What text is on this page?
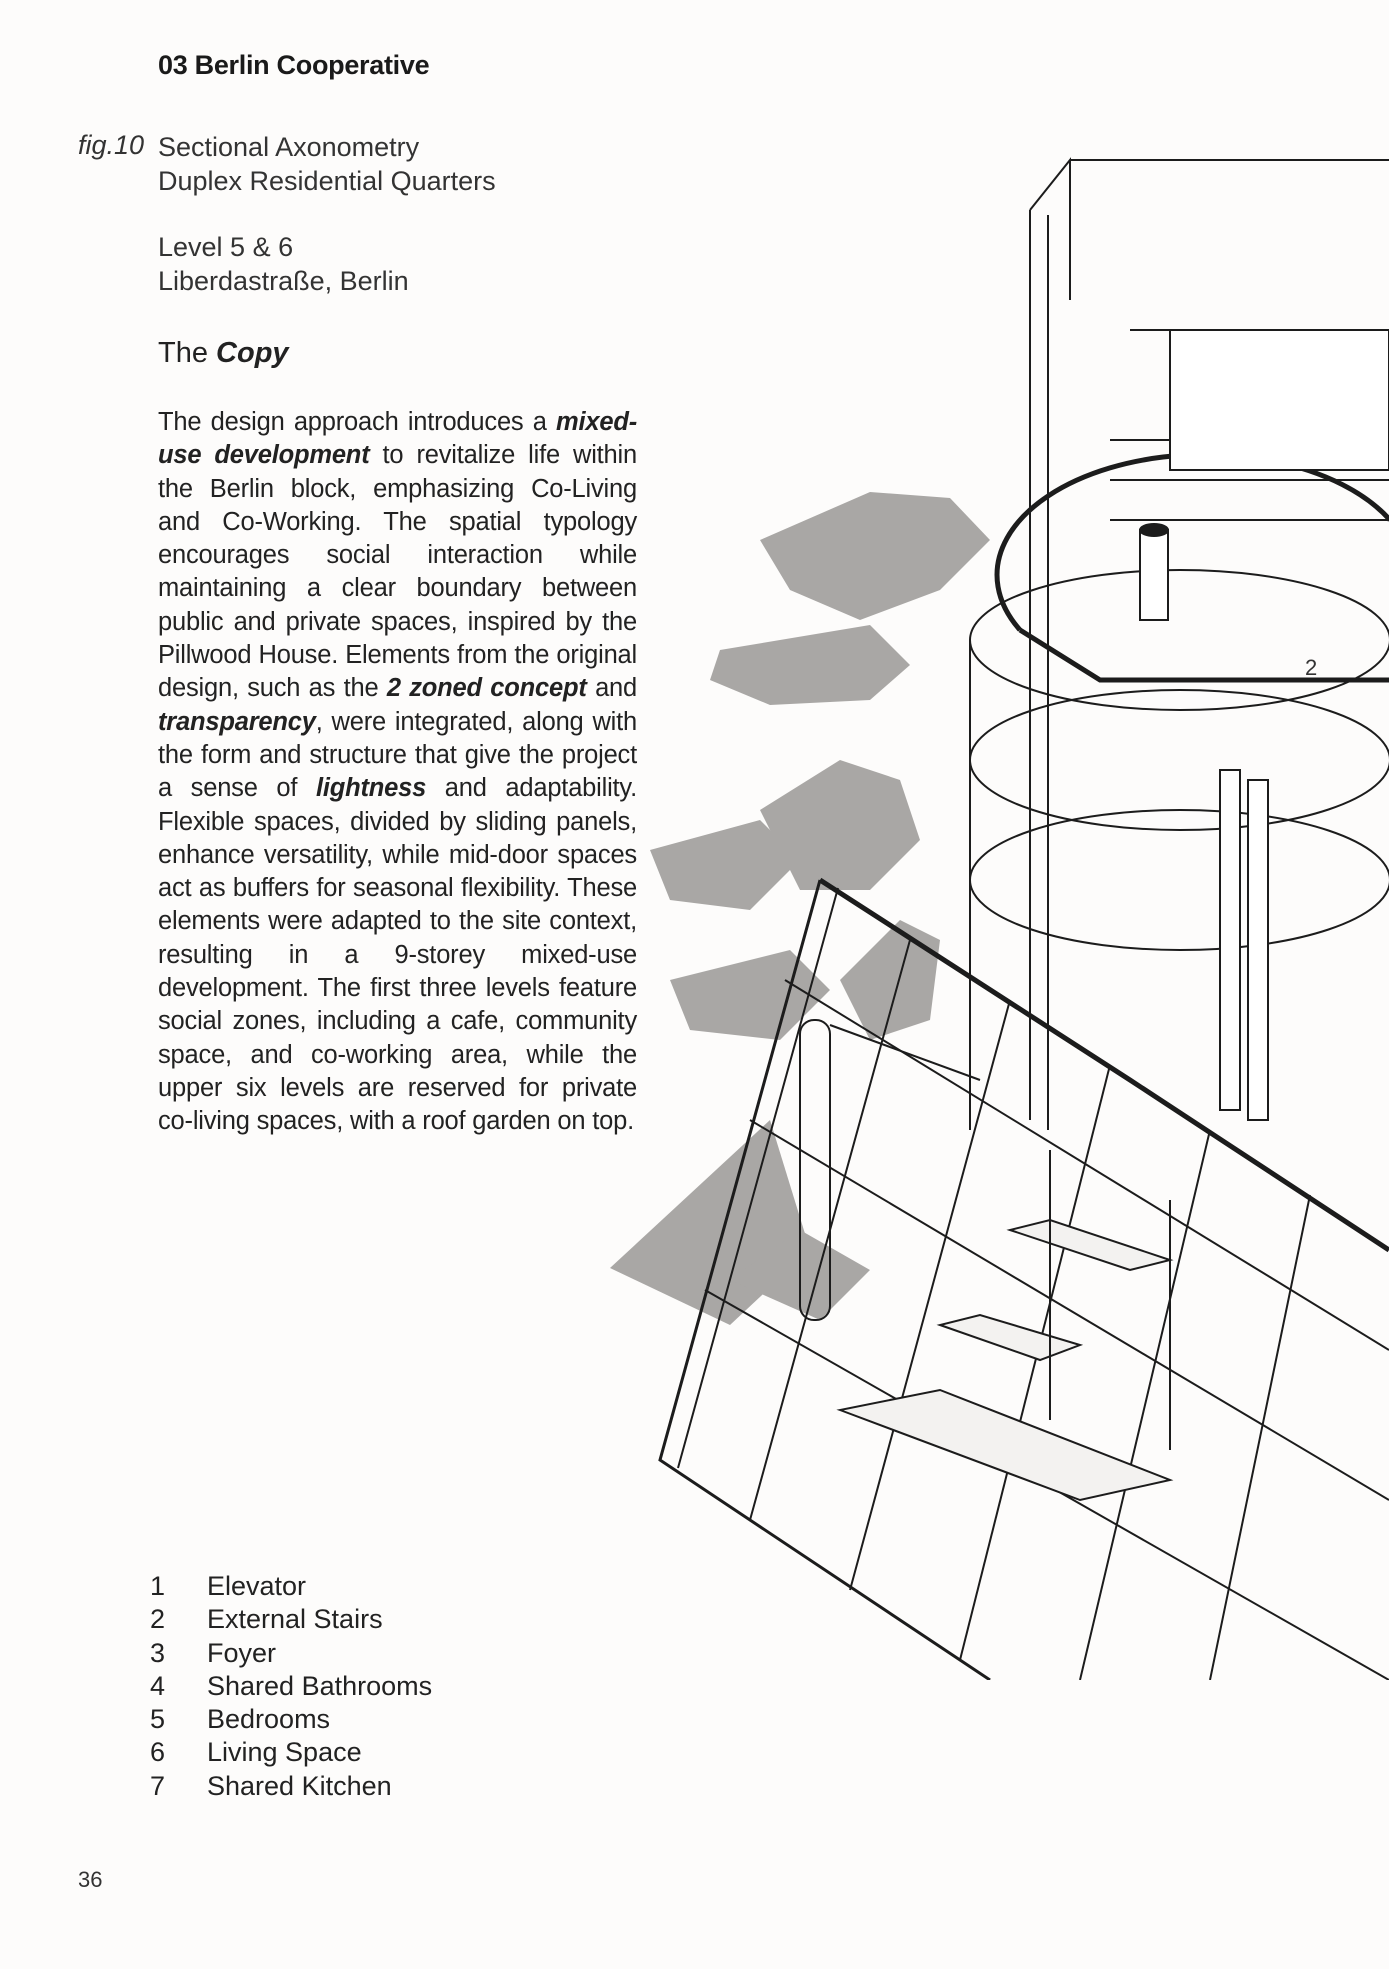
03 Berlin Cooperative
fig.10 Sectional Axonometry
Duplex Residential Quarters
Level 5 & 6
Liberdastraße, Berlin
The Copy
The design approach introduces a mixed-use development to revitalize life within the Berlin block, emphasizing Co-Living and Co-Working. The spatial typology encourages social interaction while maintaining a clear boundary between public and private spaces, inspired by the Pillwood House. Elements from the original design, such as the 2 zoned concept and transparency, were integrated, along with the form and structure that give the project a sense of lightness and adaptability. Flexible spaces, divided by sliding panels, enhance versatility, while mid-door spaces act as buffers for seasonal flexibility. These elements were adapted to the site context, resulting in a 9-storey mixed-use development. The first three levels feature social zones, including a cafe, community space, and co-working area, while the upper six levels are reserved for private co-living spaces, with a roof garden on top.
1	Elevator
2	External Stairs
3	Foyer
4	Shared Bathrooms
5	Bedrooms
6	Living Space
7	Shared Kitchen
36
2
